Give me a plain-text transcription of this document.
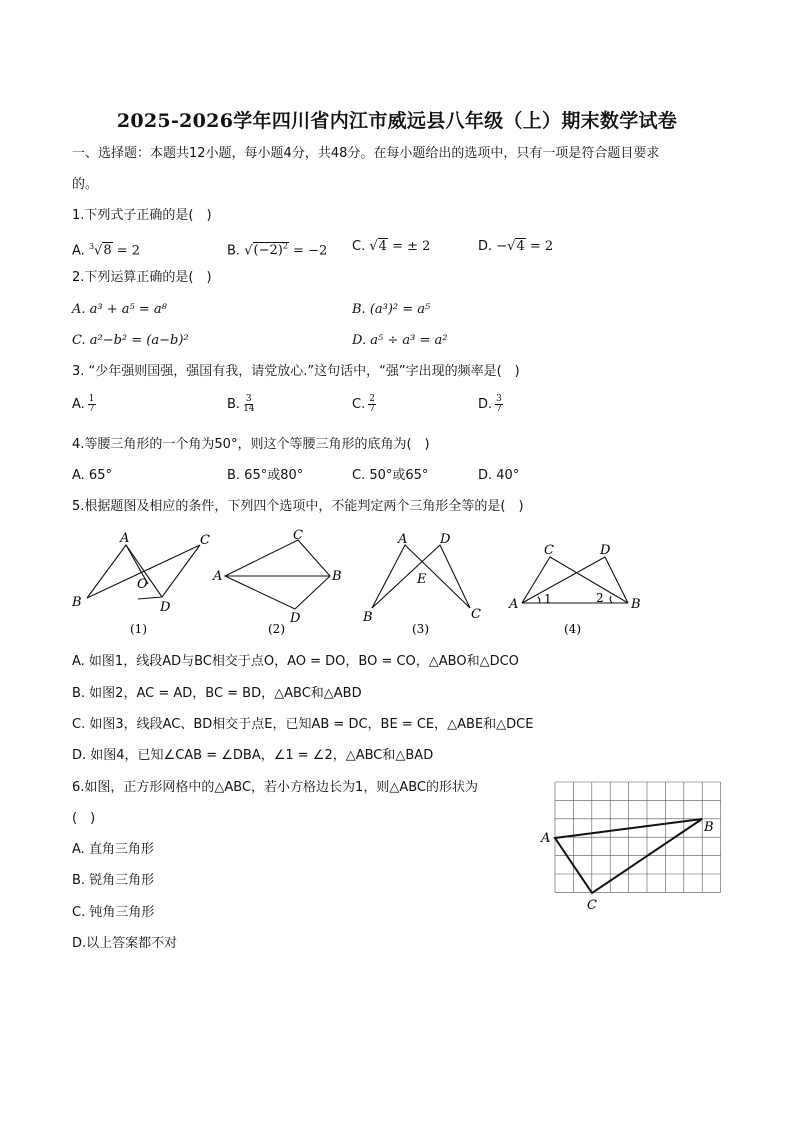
2025-2026学年四川省内江市威远县八年级（上）期末数学试卷
一、选择题：本题共12小题，每小题4分，共48分。在每小题给出的选项中，只有一项是符合题目要求
的。
1.下列式子正确的是(　)
A. $^3$√8 = 2	B. $√(-2)^2 = -2$ C. √4 = ± 2	D. −√4 = 2
2.下列运算正确的是(　)
A. a³ + a⁵ = a⁸	B. (a³)² = a⁵
C. a²−b² = (a−b)²	D. a⁵ ÷ a³ = a²
3. “少年强则国强，强国有我，请党放心.”这句话中，“强”字出现的频率是(　)
A. $\frac{1}{7}$	B. $\frac{3}{14}$	C. $\frac{2}{7}$	D. $\frac{3}{7}$
4.等腰三角形的一个角为50°，则这个等腰三角形的底角为(　)
A. 65°	B. 65°或80°	C. 50°或65°	D. 40°
5.根据题图及相应的条件，下列四个选项中，不能判定两个三角形全等的是(　)
A
B
C
D
O
(1)
A	B
C
D
(2)
A
B	C
D
E
(3)
A	B
C	D
1	2
(4)
A. 如图1，线段AD与BC相交于点O，AO = DO，BO = CO，△ABO和△DCO
B. 如图2，AC = AD，BC = BD，△ABC和△ABD
C. 如图3，线段AC、BD相交于点E，已知AB = DC，BE = CE，△ABE和△DCE
D. 如图4，已知∠CAB = ∠DBA，∠1 = ∠2，△ABC和△BAD
6.如图，正方形网格中的△ABC，若小方格边长为1，则△ABC的形状为
(　)
A. 直角三角形
B. 锐角三角形
C. 钝角三角形
D.以上答案都不对
A
B
C
